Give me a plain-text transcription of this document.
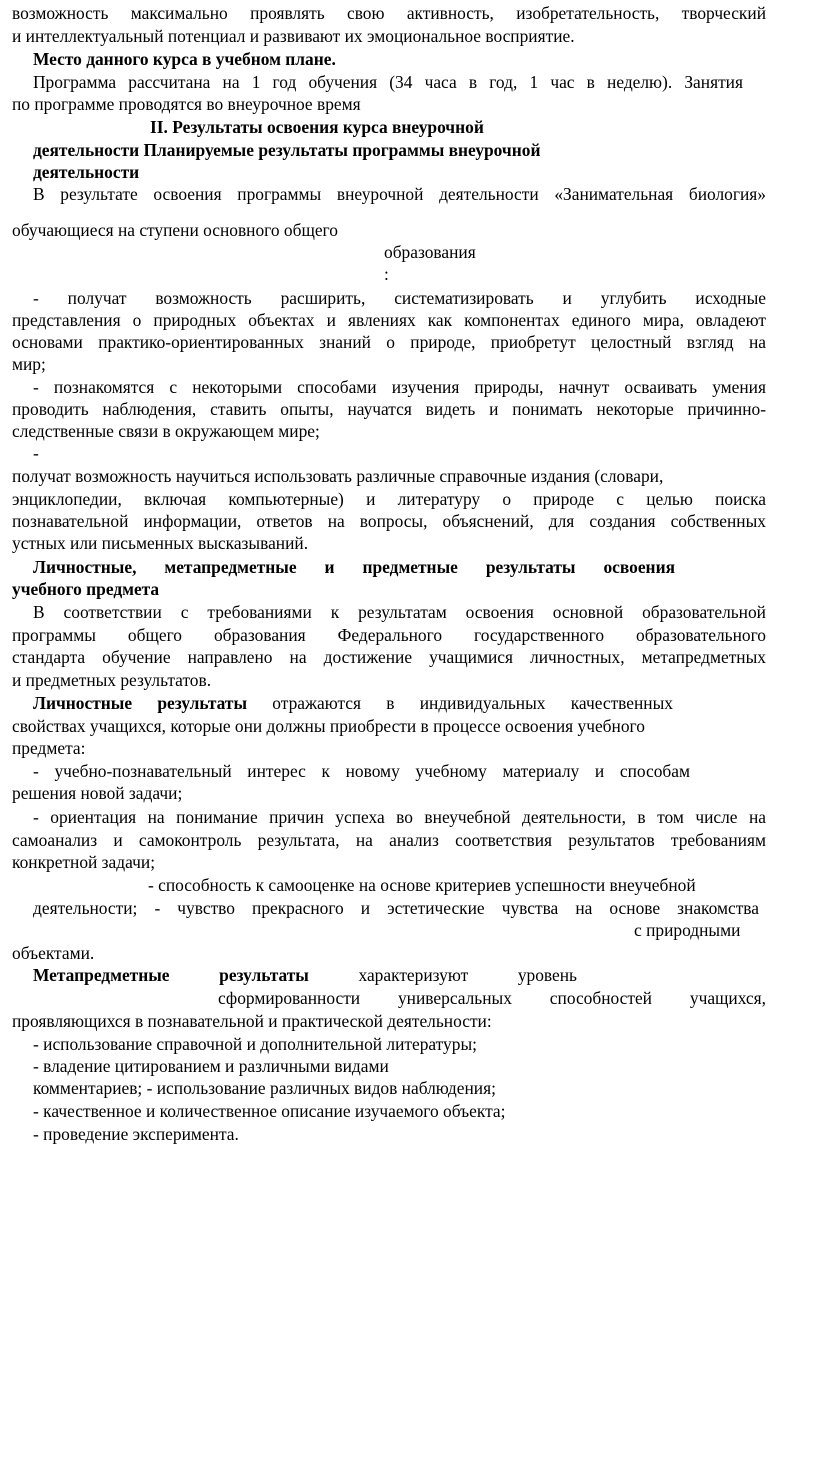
возможность максимально проявлять свою активность, изобретательность, творческий

и интеллектуальный потенциал и развивают их эмоциональное восприятие.

Место данного курса в учебном плане.

Программа рассчитана на 1 год обучения (34 часа в год, 1 час в неделю). Занятия

по программе проводятся во внеурочное время

II. Результаты освоения курса внеурочной

деятельности Планируемые результаты программы внеурочной

деятельности

В результате освоения программы внеурочной деятельности «Занимательная биология»

обучающиеся на ступени основного общего

образования

:

- получат возможность расширить, систематизировать и углубить исходные

представления о природных объектах и явлениях как компонентах единого мира, овладеют

основами практико-ориентированных знаний о природе, приобретут целостный взгляд на

мир;

- познакомятся с некоторыми способами изучения природы, начнут осваивать умения

проводить наблюдения, ставить опыты, научатся видеть и понимать некоторые причинно-

следственные связи в окружающем мире;

-

получат возможность научиться использовать различные справочные издания (словари,

энциклопедии, включая компьютерные) и литературу о природе с целью поиска

познавательной информации, ответов на вопросы, объяснений, для создания собственных

устных или письменных высказываний.

Личностные, метапредметные и предметные результаты освоения

учебного предмета

В соответствии с требованиями к результатам освоения основной образовательной

программы общего образования Федерального государственного образовательного

стандарта обучение направлено на достижение учащимися личностных, метапредметных

и предметных результатов.

Личностные результаты отражаются в индивидуальных качественных

свойствах учащихся, которые они должны приобрести в процессе освоения учебного

предмета:

- учебно-познавательный интерес к новому учебному материалу и способам

решения новой задачи;

- ориентация на понимание причин успеха во внеучебной деятельности, в том числе на

самоанализ и самоконтроль результата, на анализ соответствия результатов требованиям

конкретной задачи;

- способность к самооценке на основе критериев успешности внеучебной

деятельности; - чувство прекрасного и эстетические чувства на основе знакомства

с природными

объектами.

Метапредметные результаты характеризуют уровень

сформированности универсальных способностей учащихся,

проявляющихся в познавательной и практической деятельности:

- использование справочной и дополнительной литературы;

- владение цитированием и различными видами

комментариев; - использование различных видов наблюдения;

- качественное и количественное описание изучаемого объекта;

- проведение эксперимента.
